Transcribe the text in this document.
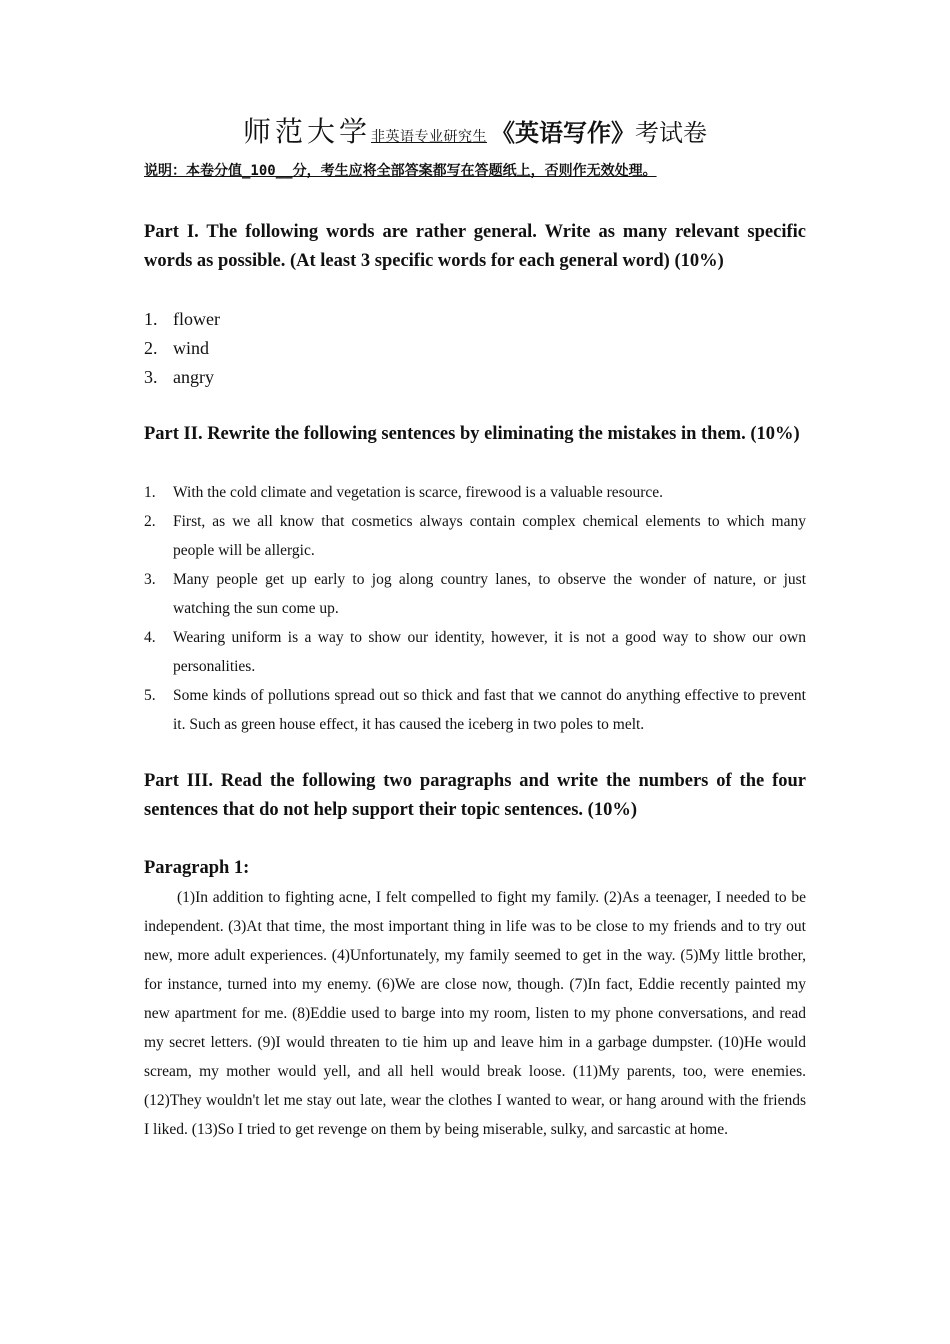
师范大学非英语专业研究生 《英语写作》考试卷
说明：本卷分值_100__分，考生应将全部答案都写在答题纸上，否则作无效处理。
Part I. The following words are rather general. Write as many relevant specific words as possible. (At least 3 specific words for each general word) (10%)
1. flower
2. wind
3. angry
Part II. Rewrite the following sentences by eliminating the mistakes in them. (10%)
1. With the cold climate and vegetation is scarce, firewood is a valuable resource.
2. First, as we all know that cosmetics always contain complex chemical elements to which many people will be allergic.
3. Many people get up early to jog along country lanes, to observe the wonder of nature, or just watching the sun come up.
4. Wearing uniform is a way to show our identity, however, it is not a good way to show our own personalities.
5. Some kinds of pollutions spread out so thick and fast that we cannot do anything effective to prevent it. Such as green house effect, it has caused the iceberg in two poles to melt.
Part III. Read the following two paragraphs and write the numbers of the four sentences that do not help support their topic sentences. (10%)
Paragraph 1:

(1)In addition to fighting acne, I felt compelled to fight my family. (2)As a teenager, I needed to be independent. (3)At that time, the most important thing in life was to be close to my friends and to try out new, more adult experiences. (4)Unfortunately, my family seemed to get in the way. (5)My little brother, for instance, turned into my enemy. (6)We are close now, though. (7)In fact, Eddie recently painted my new apartment for me. (8)Eddie used to barge into my room, listen to my phone conversations, and read my secret letters. (9)I would threaten to tie him up and leave him in a garbage dumpster. (10)He would scream, my mother would yell, and all hell would break loose. (11)My parents, too, were enemies. (12)They wouldn't let me stay out late, wear the clothes I wanted to wear, or hang around with the friends I liked. (13)So I tried to get revenge on them by being miserable, sulky, and sarcastic at home.
